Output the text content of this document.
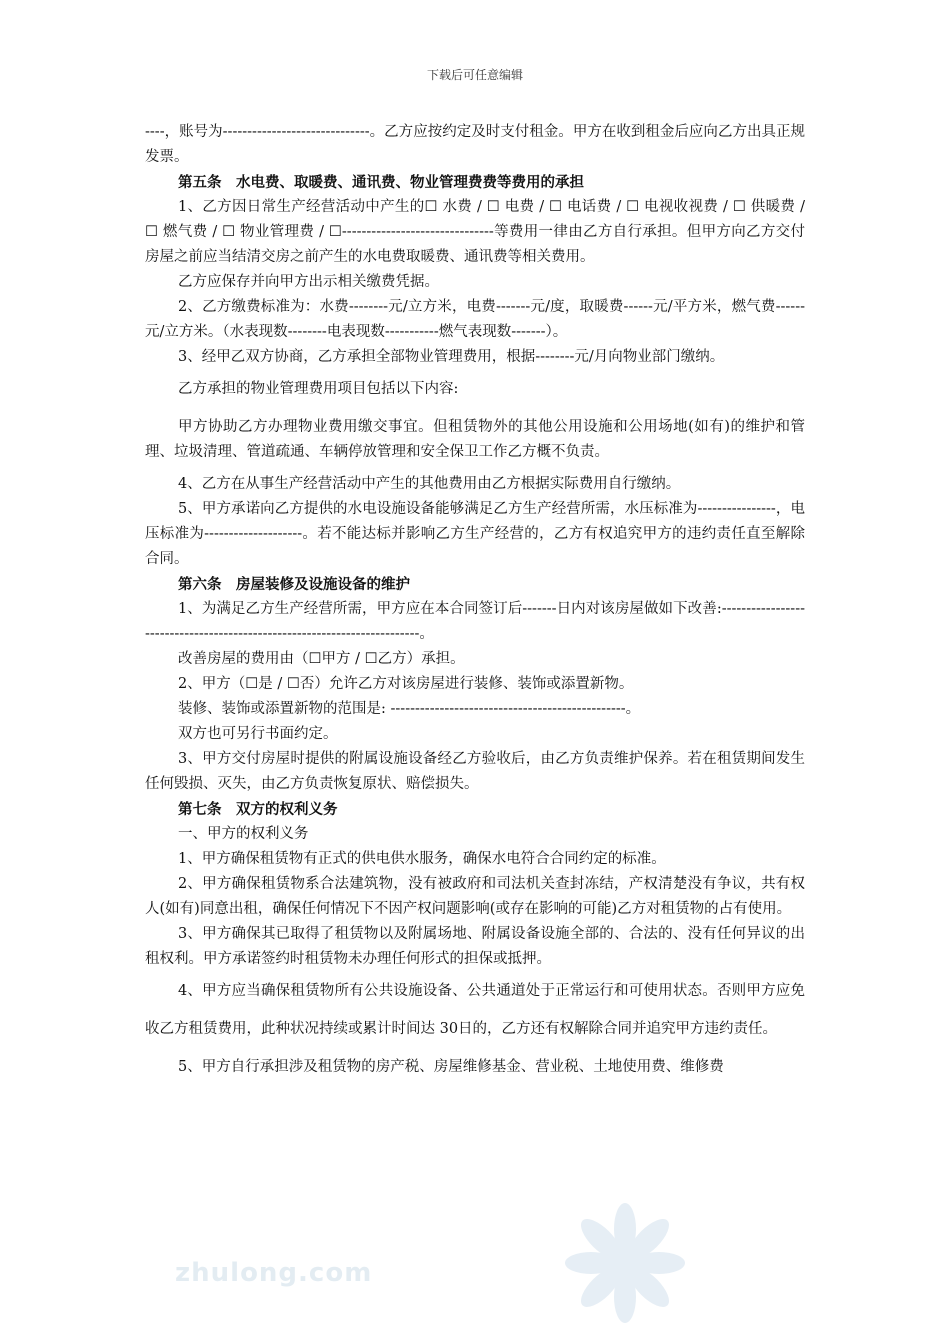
下载后可任意编辑

----，账号为------------------------------。乙方应按约定及时支付租金。甲方在收到租金后应向乙方出具正规发票。

第五条　水电费、取暖费、通讯费、物业管理费费等费用的承担

1、乙方因日常生产经营活动中产生的☐ 水费 / ☐ 电费 / ☐ 电话费 / ☐ 电视收视费 / ☐ 供暖费 / ☐ 燃气费 / ☐ 物业管理费 / ☐-------------------------------等费用一律由乙方自行承担。但甲方向乙方交付房屋之前应当结清交房之前产生的水电费取暖费、通讯费等相关费用。

乙方应保存并向甲方出示相关缴费凭据。

2、乙方缴费标准为：水费--------元/立方米，电费-------元/度，取暖费------元/平方米，燃气费------元/立方米。（水表现数--------电表现数-----------燃气表现数-------）。

3、经甲乙双方协商，乙方承担全部物业管理费用，根据--------元/月向物业部门缴纳。

乙方承担的物业管理费用项目包括以下内容:

甲方协助乙方办理物业费用缴交事宜。但租赁物外的其他公用设施和公用场地(如有)的维护和管理、垃圾清理、管道疏通、车辆停放管理和安全保卫工作乙方概不负责。

4、乙方在从事生产经营活动中产生的其他费用由乙方根据实际费用自行缴纳。

5、甲方承诺向乙方提供的水电设施设备能够满足乙方生产经营所需，水压标准为----------------，电压标准为--------------------。若不能达标并影响乙方生产经营的，乙方有权追究甲方的违约责任直至解除合同。

第六条　房屋装修及设施设备的维护

1、为满足乙方生产经营所需，甲方应在本合同签订后-------日内对该房屋做如下改善:-------------------------------------------------------------------------。

改善房屋的费用由（☐甲方 / ☐乙方）承担。

2、甲方（☐是 / ☐否）允许乙方对该房屋进行装修、装饰或添置新物。

装修、装饰或添置新物的范围是: ------------------------------------------------。

双方也可另行书面约定。

3、甲方交付房屋时提供的附属设施设备经乙方验收后，由乙方负责维护保养。若在租赁期间发生任何毁损、灭失，由乙方负责恢复原状、赔偿损失。

第七条　双方的权利义务

一、甲方的权利义务

1、甲方确保租赁物有正式的供电供水服务，确保水电符合合同约定的标准。

2、甲方确保租赁物系合法建筑物，没有被政府和司法机关查封冻结，产权清楚没有争议，共有权人(如有)同意出租，确保任何情况下不因产权问题影响(或存在影响的可能)乙方对租赁物的占有使用。

3、甲方确保其已取得了租赁物以及附属场地、附属设备设施全部的、合法的、没有任何异议的出租权利。甲方承诺签约时租赁物未办理任何形式的担保或抵押。

4、甲方应当确保租赁物所有公共设施设备、公共通道处于正常运行和可使用状态。否则甲方应免收乙方租赁费用，此种状况持续或累计时间达 30日的，乙方还有权解除合同并追究甲方违约责任。

5、甲方自行承担涉及租赁物的房产税、房屋维修基金、营业税、土地使用费、维修费

zhulong.com
